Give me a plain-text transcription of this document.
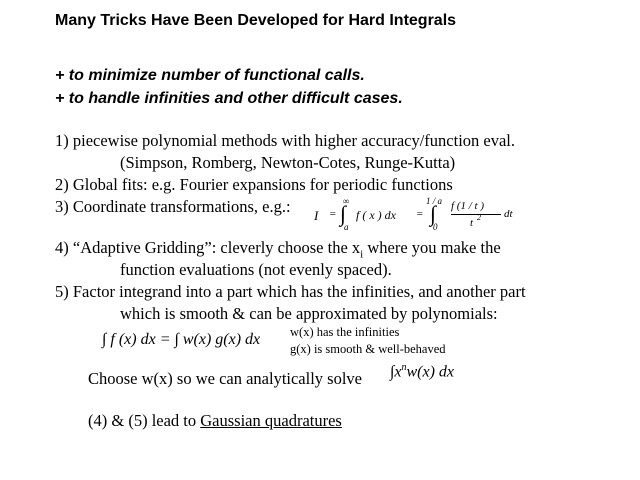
Many Tricks Have Been Developed for Hard Integrals
+ to minimize number of functional calls.
+ to handle infinities and other difficult cases.
1) piecewise polynomial methods with higher accuracy/function eval.
(Simpson, Romberg, Newton-Cotes, Runge-Kutta)
2) Global fits: e.g. Fourier expansions for periodic functions
3) Coordinate transformations, e.g.: I =
∞
∫
a
f ( x ) dx =
1 / a
∫
0
f (1 / t )
t 2 dt
4) “Adaptive Gridding”: cleverly choose the $x_i$ where you make the
function evaluations (not evenly spaced).
5) Factor integrand into a part which has the infinities, and another part
which is smooth & can be approximated by polynomials:
∫ f (x) dx = ∫ w(x) g(x) dx w(x) has the infinities
g(x) is smooth & well-behaved
Choose w(x) so we can analytically solve $\int x^nw(x)$ dx
(4) & (5) lead to Gaussian quadratures
